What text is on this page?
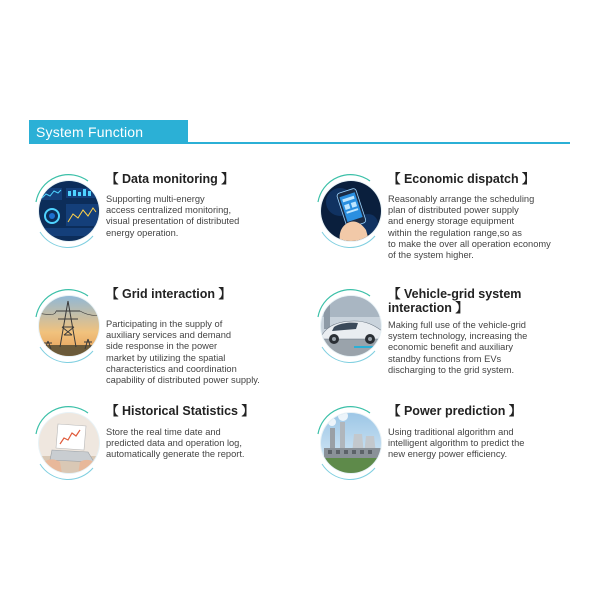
System Function
【 Data monitoring 】
Supporting multi-energy
access centralized monitoring,
visual presentation of distributed
energy operation.
【 Economic dispatch 】
Reasonably arrange the scheduling
plan of distributed power supply
and energy storage equipment
within the regulation range,so as
to make the over all operation economy
of the system higher.
【 Grid interaction 】
Participating in the supply of
auxiliary services and demand
side response in the power
market by utilizing the spatial
characteristics and coordination
capability of distributed power supply.
【 Vehicle-grid system
interaction 】
Making full use of the vehicle-grid
system technology, increasing the
economic benefit and auxiliary
standby functions from EVs
discharging to the grid system.
【 Historical Statistics 】
Store the real time date and
predicted data and operation log,
automatically generate the report.
【 Power prediction 】
Using traditional algorithm and
intelligent algorithm to predict the
new energy power efficiency.
